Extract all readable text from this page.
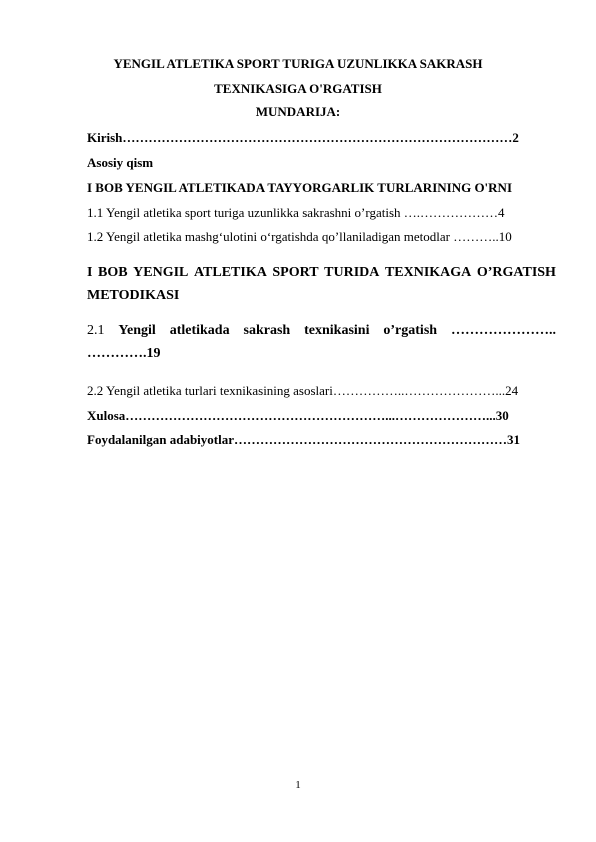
YENGIL ATLETIKA SPORT TURIGA UZUNLIKKA SAKRASH
TEXNIKASIGA O'RGATISH
MUNDARIJA:
Kirish………………………………………………………………………………2
Asosiy qism
I BOB YENGIL ATLETIKADA TAYYORGARLIK TURLARINING O'RNI
1.1 Yengil atletika sport turiga uzunlikka sakrashni o’rgatish ….………………4
1.2 Yengil atletika mashg‘ulotini o‘rgatishda qo’llaniladigan metodlar ………..10
I BOB YENGIL ATLETIKA SPORT TURIDA TEXNIKAGA O’RGATISH
METODIKASI
2.1 Yengil atletikada sakrash texnikasini o’rgatish …………………..
………….19
2.2 Yengil atletika turlari texnikasining asoslari……………..…………………...24
Xulosa……………………………………………………...…………………...30
Foydalanilgan adabiyotlar………………………………………………………31
1
